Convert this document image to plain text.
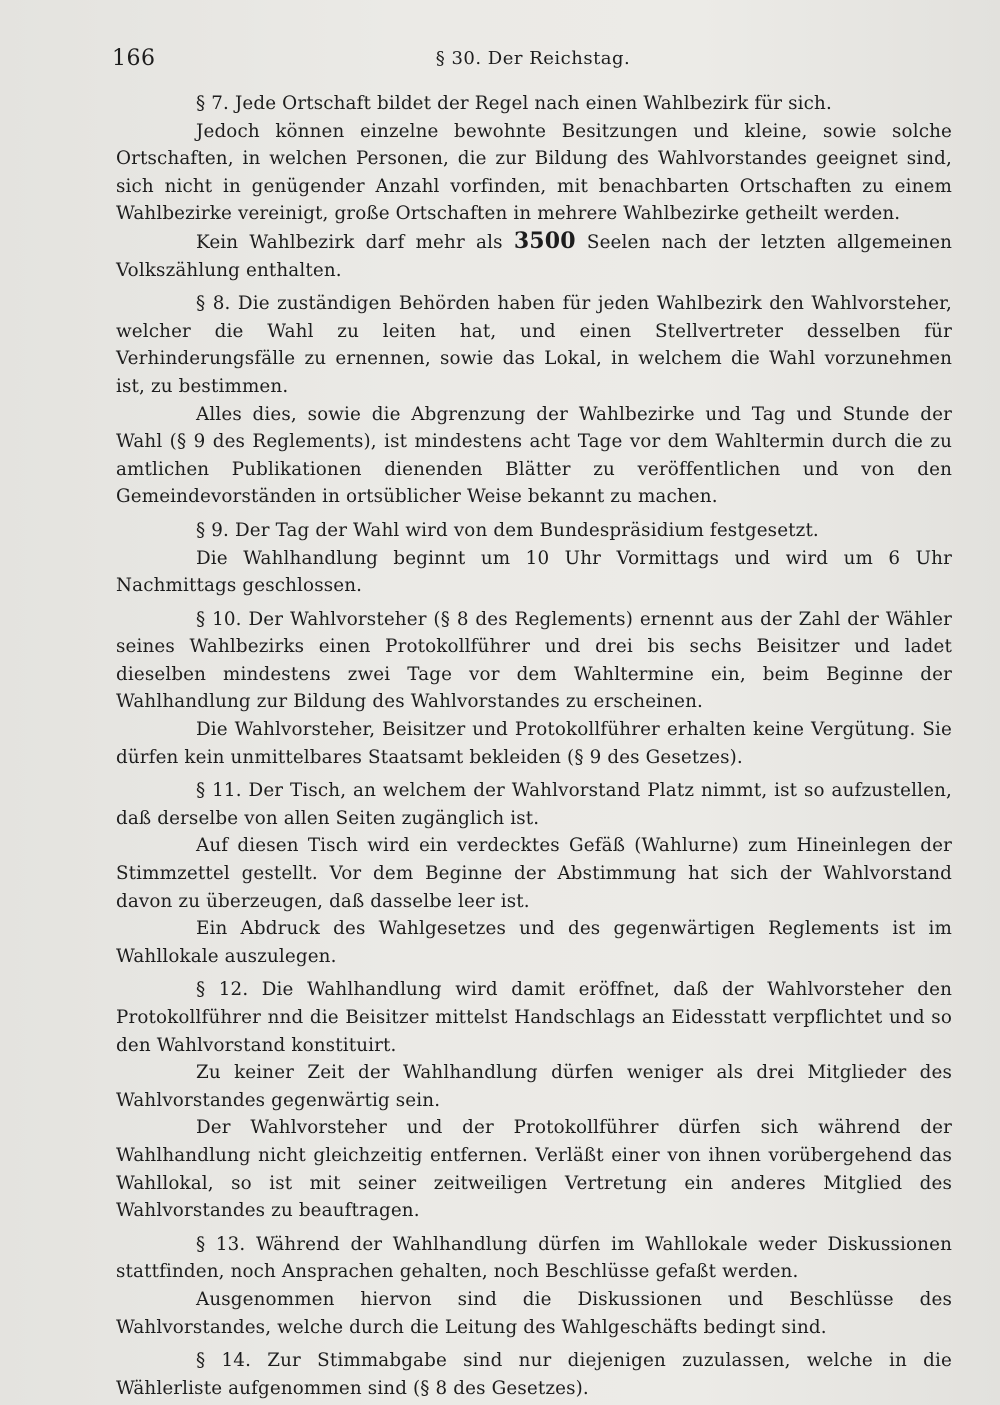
166	§ 30. Der Reichstag.

§ 7. Jede Ortschaft bildet der Regel nach einen Wahlbezirk für sich.

Jedoch können einzelne bewohnte Besitzungen und kleine, sowie solche Ortschaften, in welchen Personen, die zur Bildung des Wahlvorstandes geeignet sind, sich nicht in genügender Anzahl vorfinden, mit benachbarten Ortschaften zu einem Wahlbezirke vereinigt, große Ortschaften in mehrere Wahlbezirke getheilt werden.

Kein Wahlbezirk darf mehr als 3500 Seelen nach der letzten allgemeinen Volkszählung enthalten.

§ 8. Die zuständigen Behörden haben für jeden Wahlbezirk den Wahlvorsteher, welcher die Wahl zu leiten hat, und einen Stellvertreter desselben für Verhinderungsfälle zu ernennen, sowie das Lokal, in welchem die Wahl vorzunehmen ist, zu bestimmen.

Alles dies, sowie die Abgrenzung der Wahlbezirke und Tag und Stunde der Wahl (§ 9 des Reglements), ist mindestens acht Tage vor dem Wahltermin durch die zu amtlichen Publikationen dienenden Blätter zu veröffentlichen und von den Gemeindevorständen in ortsüblicher Weise bekannt zu machen.

§ 9. Der Tag der Wahl wird von dem Bundespräsidium festgesetzt.

Die Wahlhandlung beginnt um 10 Uhr Vormittags und wird um 6 Uhr Nachmittags geschlossen.

§ 10. Der Wahlvorsteher (§ 8 des Reglements) ernennt aus der Zahl der Wähler seines Wahlbezirks einen Protokollführer und drei bis sechs Beisitzer und ladet dieselben mindestens zwei Tage vor dem Wahltermine ein, beim Beginne der Wahlhandlung zur Bildung des Wahlvorstandes zu erscheinen.

Die Wahlvorsteher, Beisitzer und Protokollführer erhalten keine Vergütung. Sie dürfen kein unmittelbares Staatsamt bekleiden (§ 9 des Gesetzes).

§ 11. Der Tisch, an welchem der Wahlvorstand Platz nimmt, ist so aufzustellen, daß derselbe von allen Seiten zugänglich ist.

Auf diesen Tisch wird ein verdecktes Gefäß (Wahlurne) zum Hineinlegen der Stimmzettel gestellt. Vor dem Beginne der Abstimmung hat sich der Wahlvorstand davon zu überzeugen, daß dasselbe leer ist.

Ein Abdruck des Wahlgesetzes und des gegenwärtigen Reglements ist im Wahllokale auszulegen.

§ 12. Die Wahlhandlung wird damit eröffnet, daß der Wahlvorsteher den Protokollführer nnd die Beisitzer mittelst Handschlags an Eidesstatt verpflichtet und so den Wahlvorstand konstituirt.

Zu keiner Zeit der Wahlhandlung dürfen weniger als drei Mitglieder des Wahlvorstandes gegenwärtig sein.

Der Wahlvorsteher und der Protokollführer dürfen sich während der Wahlhandlung nicht gleichzeitig entfernen. Verläßt einer von ihnen vorübergehend das Wahllokal, so ist mit seiner zeitweiligen Vertretung ein anderes Mitglied des Wahlvorstandes zu beauftragen.

§ 13. Während der Wahlhandlung dürfen im Wahllokale weder Diskussionen stattfinden, noch Ansprachen gehalten, noch Beschlüsse gefaßt werden.

Ausgenommen hiervon sind die Diskussionen und Beschlüsse des Wahlvorstandes, welche durch die Leitung des Wahlgeschäfts bedingt sind.

§ 14. Zur Stimmabgabe sind nur diejenigen zuzulassen, welche in die Wählerliste aufgenommen sind (§ 8 des Gesetzes).
